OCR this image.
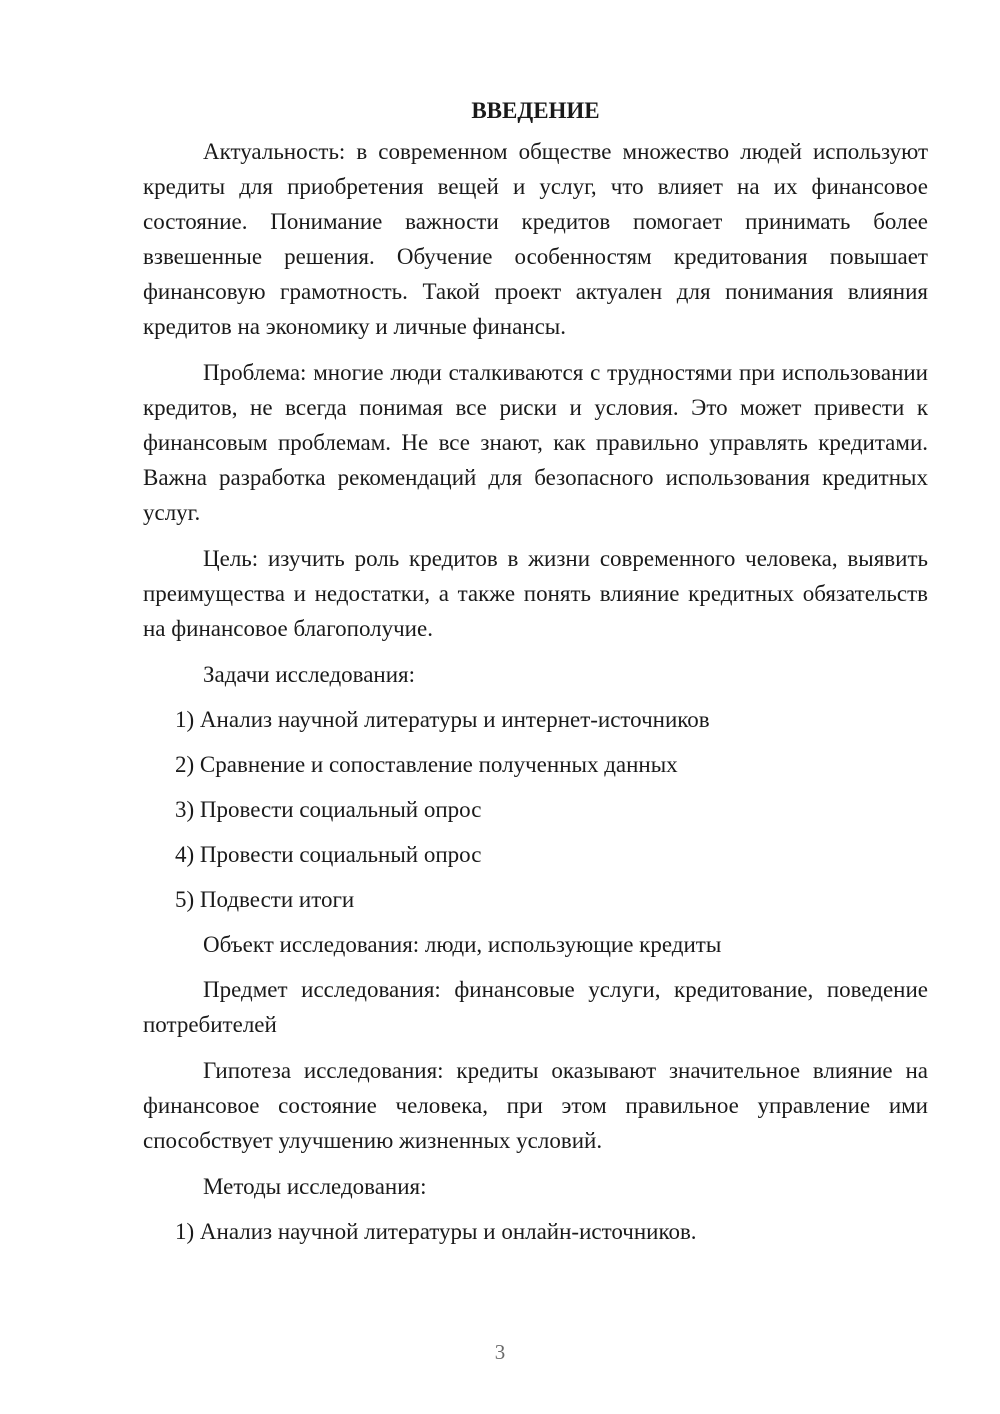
ВВЕДЕНИЕ

Актуальность: в современном обществе множество людей используют кредиты для приобретения вещей и услуг, что влияет на их финансовое состояние. Понимание важности кредитов помогает принимать более взвешенные решения. Обучение особенностям кредитования повышает финансовую грамотность. Такой проект актуален для понимания влияния кредитов на экономику и личные финансы.

Проблема: многие люди сталкиваются с трудностями при использовании кредитов, не всегда понимая все риски и условия. Это может привести к финансовым проблемам. Не все знают, как правильно управлять кредитами. Важна разработка рекомендаций для безопасного использования кредитных услуг.

Цель: изучить роль кредитов в жизни современного человека, выявить преимущества и недостатки, а также понять влияние кредитных обязательств на финансовое благополучие.

Задачи исследования:

1) Анализ научной литературы и интернет-источников

2) Сравнение и сопоставление полученных данных

3) Провести социальный опрос

4) Провести социальный опрос

5) Подвести итоги

Объект исследования: люди, использующие кредиты

Предмет исследования: финансовые услуги, кредитование, поведение потребителей

Гипотеза исследования: кредиты оказывают значительное влияние на финансовое состояние человека, при этом правильное управление ими способствует улучшению жизненных условий.

Методы исследования:

1) Анализ научной литературы и онлайн-источников.

3
